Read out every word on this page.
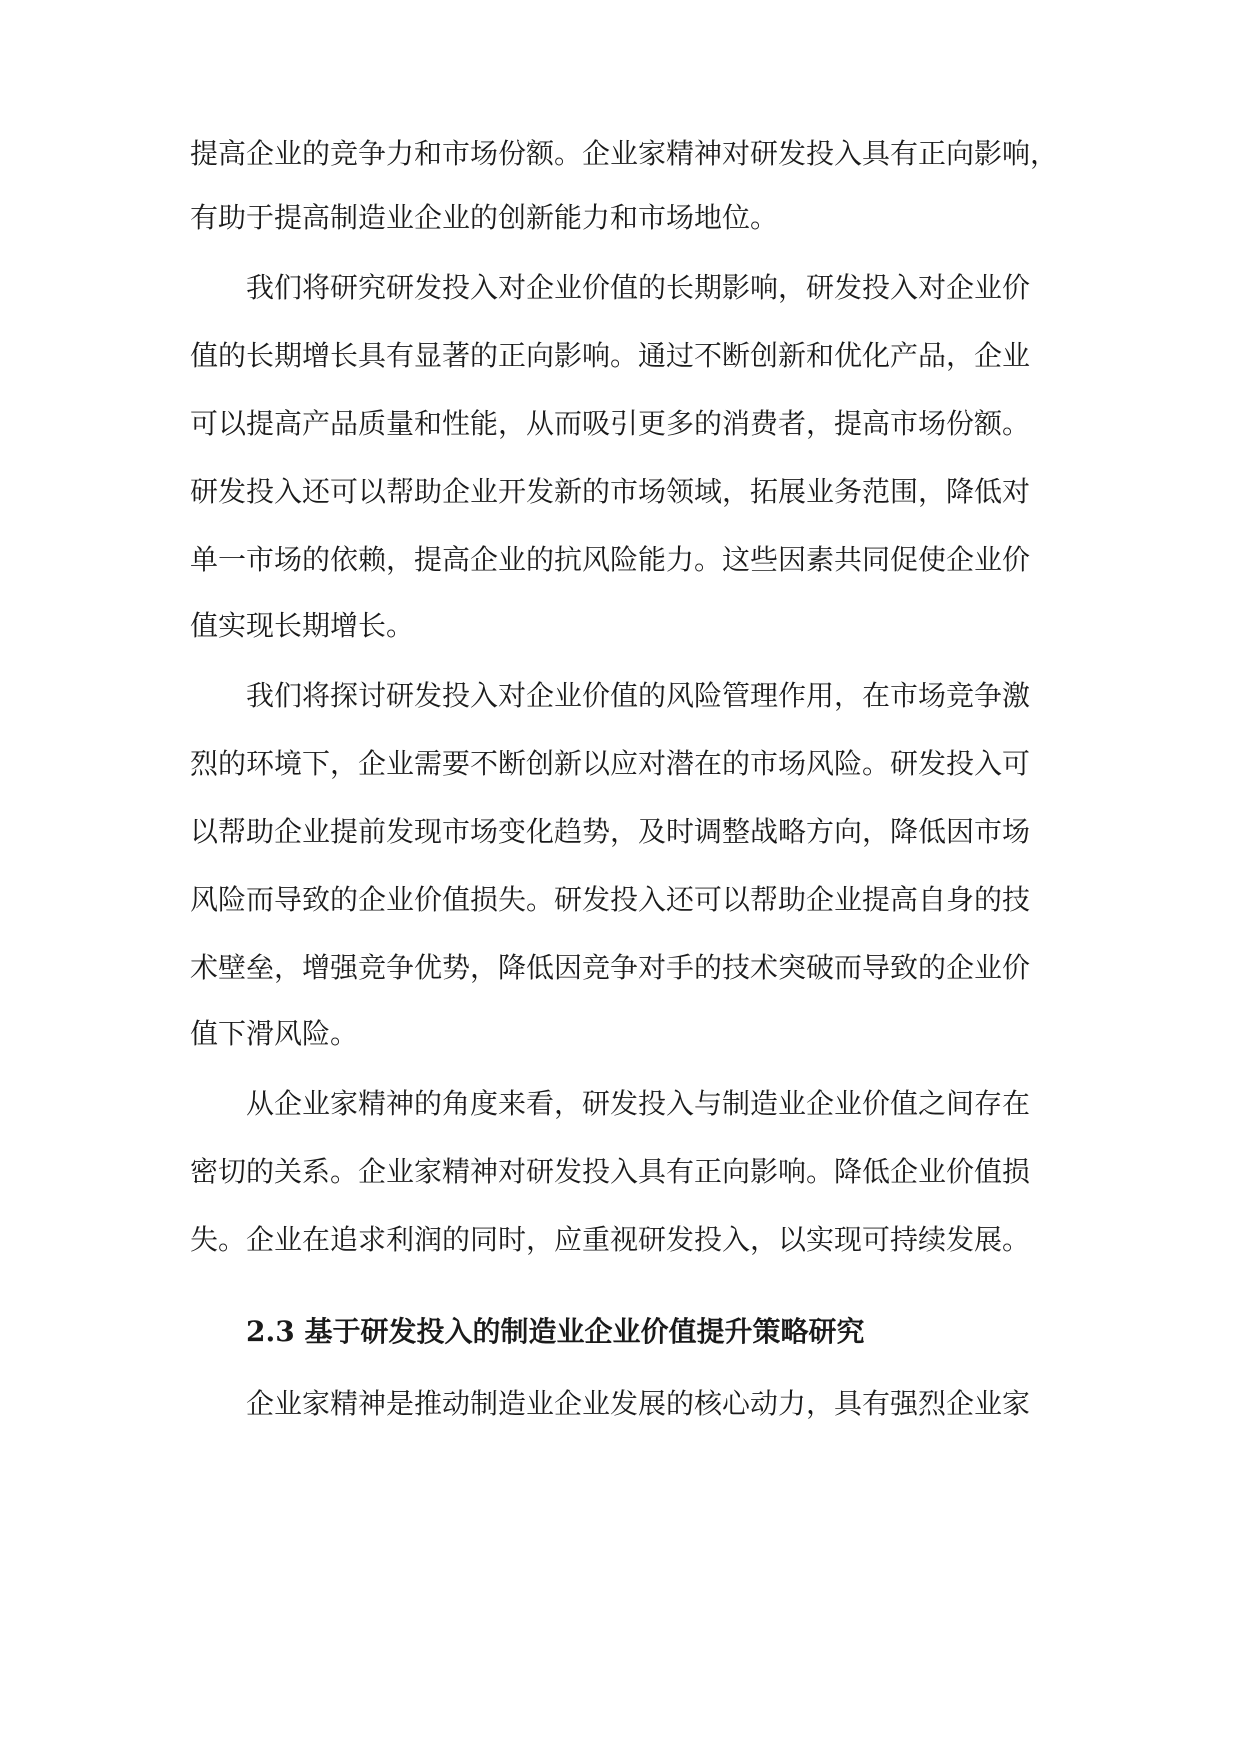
提高企业的竞争力和市场份额。企业家精神对研发投入具有正向影响，
有助于提高制造业企业的创新能力和市场地位。
我们将研究研发投入对企业价值的长期影响，研发投入对企业价
值的长期增长具有显著的正向影响。通过不断创新和优化产品，企业
可以提高产品质量和性能，从而吸引更多的消费者，提高市场份额。
研发投入还可以帮助企业开发新的市场领域，拓展业务范围，降低对
单一市场的依赖，提高企业的抗风险能力。这些因素共同促使企业价
值实现长期增长。
我们将探讨研发投入对企业价值的风险管理作用，在市场竞争激
烈的环境下，企业需要不断创新以应对潜在的市场风险。研发投入可
以帮助企业提前发现市场变化趋势，及时调整战略方向，降低因市场
风险而导致的企业价值损失。研发投入还可以帮助企业提高自身的技
术壁垒，增强竞争优势，降低因竞争对手的技术突破而导致的企业价
值下滑风险。
从企业家精神的角度来看，研发投入与制造业企业价值之间存在
密切的关系。企业家精神对研发投入具有正向影响。降低企业价值损
失。企业在追求利润的同时，应重视研发投入，以实现可持续发展。
2.3 基于研发投入的制造业企业价值提升策略研究
企业家精神是推动制造业企业发展的核心动力，具有强烈企业家
